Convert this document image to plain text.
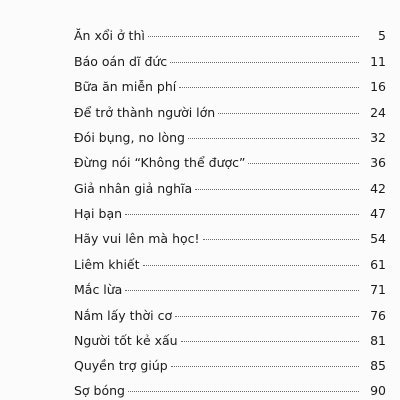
Ăn xổi ở thì	5
Báo oán dĩ đức	11
Bữa ăn miễn phí	16
Để trở thành người lớn	24
Đói bụng, no lòng	32
Đừng nói “Không thể được”	36
Giả nhân giả nghĩa	42
Hại bạn	47
Hãy vui lên mà học!	54
Liêm khiết	61
Mắc lừa	71
Nắm lấy thời cơ	76
Người tốt kẻ xấu	81
Quyền trợ giúp	85
Sợ bóng	90
